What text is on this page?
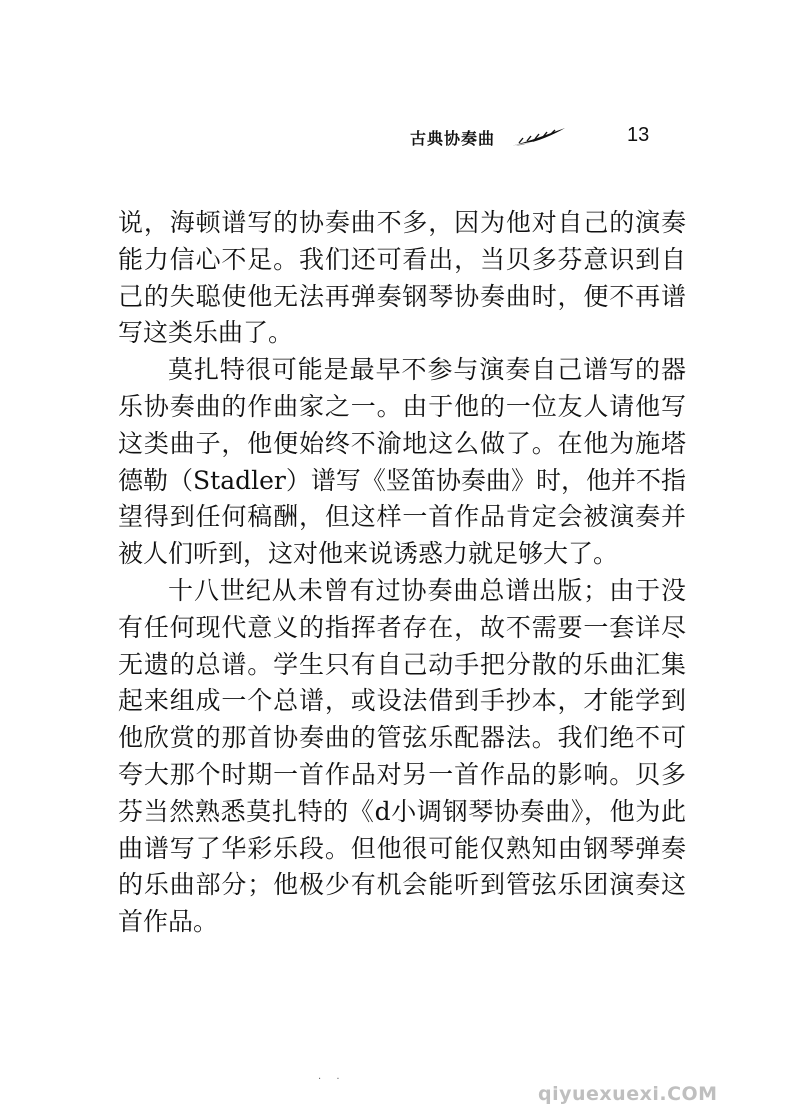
古典协奏曲	13

说，海顿谱写的协奏曲不多，因为他对自己的演奏能力信心不足。我们还可看出，当贝多芬意识到自己的失聪使他无法再弹奏钢琴协奏曲时，便不再谱写这类乐曲了。

莫扎特很可能是最早不参与演奏自己谱写的器乐协奏曲的作曲家之一。由于他的一位友人请他写这类曲子，他便始终不渝地这么做了。在他为施塔德勒（Stadler）谱写《竖笛协奏曲》时，他并不指望得到任何稿酬，但这样一首作品肯定会被演奏并被人们听到，这对他来说诱惑力就足够大了。

十八世纪从未曾有过协奏曲总谱出版；由于没有任何现代意义的指挥者存在，故不需要一套详尽无遗的总谱。学生只有自己动手把分散的乐曲汇集起来组成一个总谱，或设法借到手抄本，才能学到他欣赏的那首协奏曲的管弦乐配器法。我们绝不可夸大那个时期一首作品对另一首作品的影响。贝多芬当然熟悉莫扎特的《d小调钢琴协奏曲》，他为此曲谱写了华彩乐段。但他很可能仅熟知由钢琴弹奏的乐曲部分；他极少有机会能听到管弦乐团演奏这首作品。

· ·
qiyuexuexi.COM
